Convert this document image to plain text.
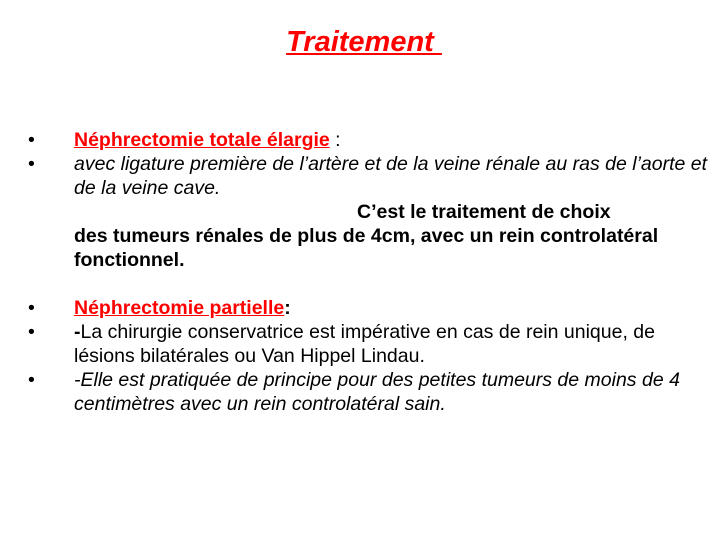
Traitement
•	Néphrectomie totale élargie :
•	avec ligature première de l’artère et de la veine rénale au ras de l’aorte et de la veine cave.
C’est le traitement de choix
des tumeurs rénales de plus de 4cm, avec un rein controlatéral fonctionnel.
•	Néphrectomie partielle:
•	-La chirurgie conservatrice est impérative en cas de rein unique, de lésions bilatérales ou Van Hippel Lindau.
•	-Elle est pratiquée de principe pour des petites tumeurs de moins de 4 centimètres avec un rein controlatéral sain.
